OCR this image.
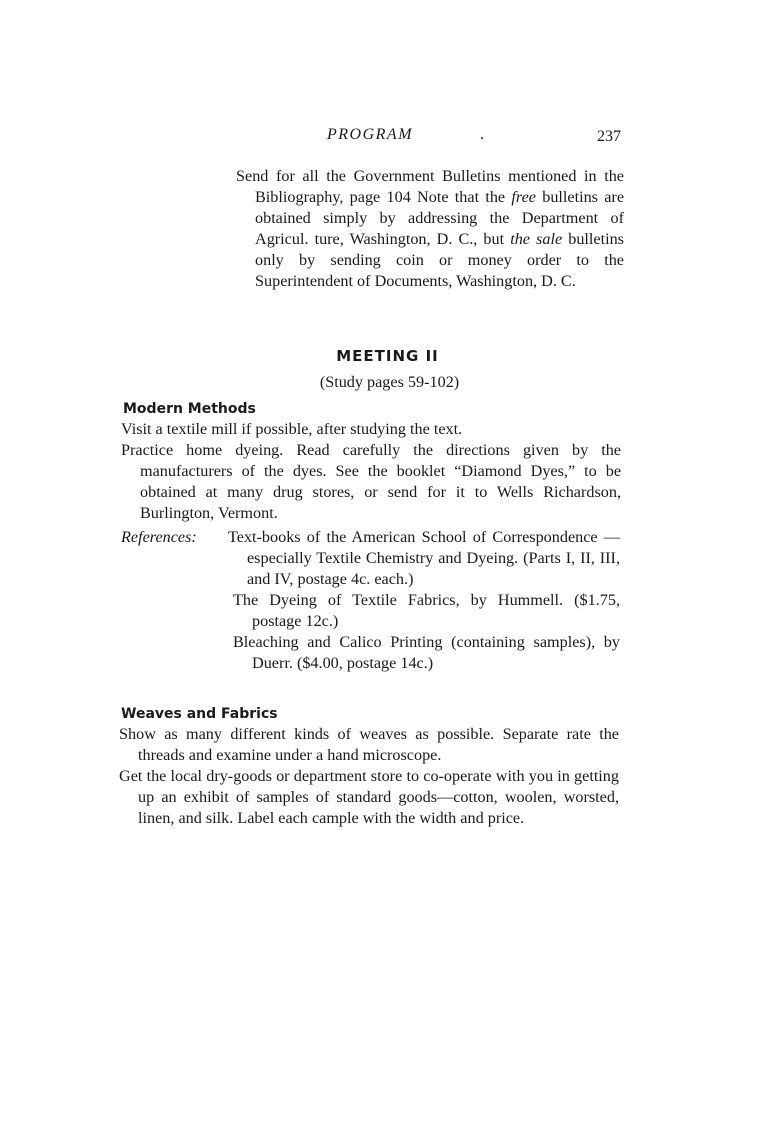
PROGRAM	.	237

Send for all the Government Bulletins mentioned in the Bibliography, page 104 Note that the free bulletins are obtained simply by addressing the Department of Agricul. ture, Washington, D. C., but the sale bulletins only by sending coin or money order to the Superintendent of Documents, Washington, D. C.

MEETING II
(Study pages 59-102)
Modern Methods

Visit a textile mill if possible, after studying the text.

Practice home dyeing. Read carefully the directions given by the manufacturers of the dyes. See the booklet “Diamond Dyes,” to be obtained at many drug stores, or send for it to Wells Richardson, Burlington, Vermont.

References: Text-books of the American School of Correspondence — especially Textile Chemistry and Dyeing. (Parts I, II, III, and IV, postage 4c. each.)

The Dyeing of Textile Fabrics, by Hummell. ($1.75, postage 12c.)

Bleaching and Calico Printing (containing samples), by Duerr. ($4.00, postage 14c.)

Weaves and Fabrics

Show as many different kinds of weaves as possible. Separate rate the threads and examine under a hand microscope.

Get the local dry-goods or department store to co-operate with you in getting up an exhibit of samples of standard goods—cotton, woolen, worsted, linen, and silk. Label each cample with the width and price.
